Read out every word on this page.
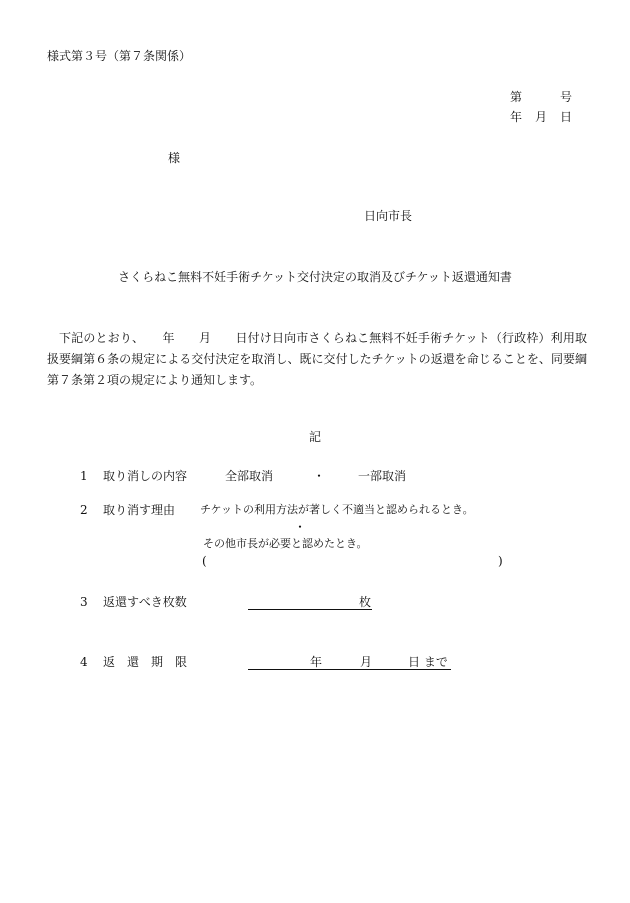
様式第３号（第７条関係）
第	号
年 月 日
様
日向市長
さくらねこ無料不妊手術チケット交付決定の取消及びチケット返還通知書
下記のとおり、　　年　　月　　日付け日向市さくらねこ無料不妊手術チケット（行政枠）利用取扱要綱第６条の規定による交付決定を取消し、既に交付したチケットの返還を命じることを、同要綱第７条第２項の規定により通知します。
記
1 取り消しの内容	全部取消	・	一部取消
2 取り消す理由 チケットの利用方法が著しく不適当と認められるとき。
・
その他市長が必要と認めたとき。
(	)
3 返還すべき枚数	枚
4 返　還　期　限	年	月	日 まで
